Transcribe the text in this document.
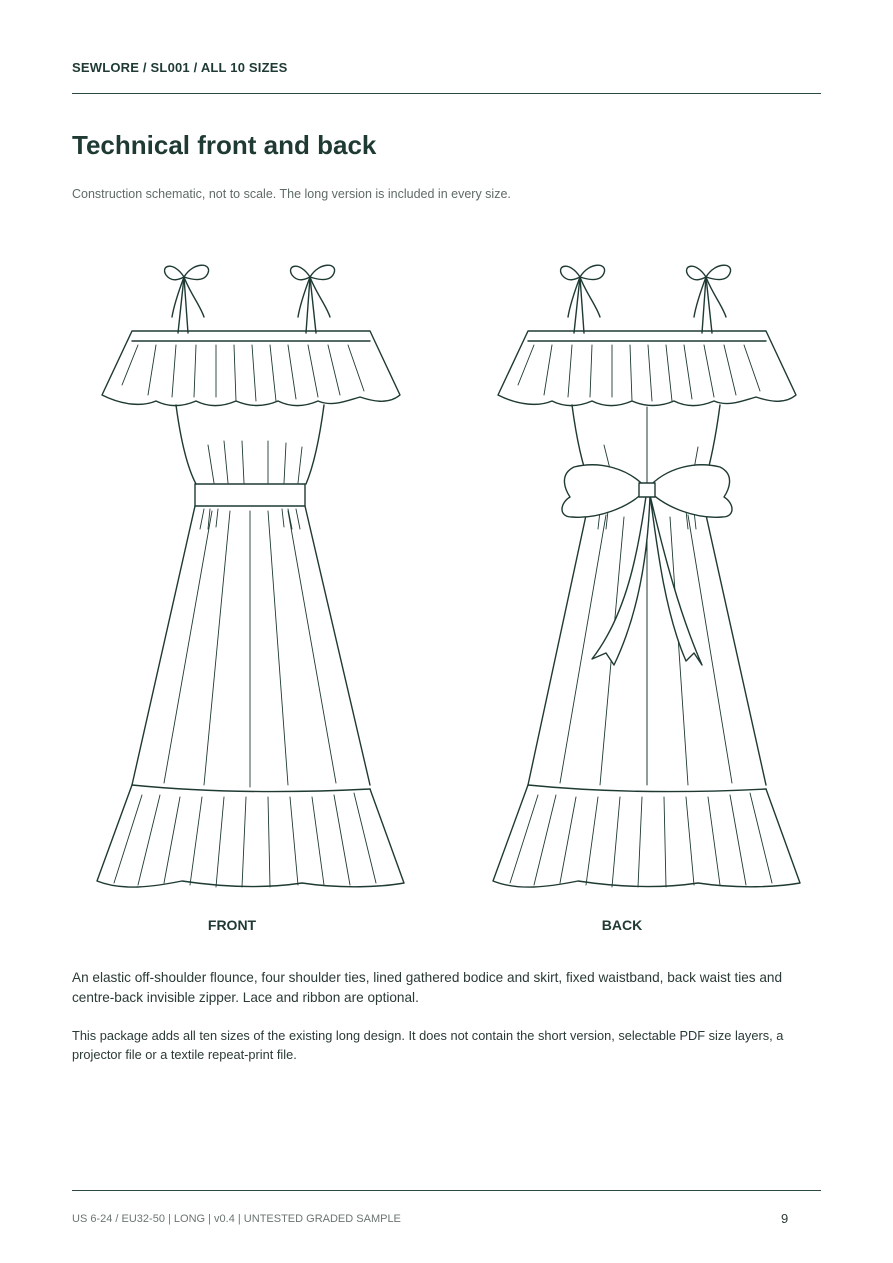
SEWLORE / SL001 / ALL 10 SIZES
Technical front and back
Construction schematic, not to scale. The long version is included in every size.
FRONT	BACK

An elastic off-shoulder flounce, four shoulder ties, lined gathered bodice and skirt, fixed waistband, back waist ties and centre-back invisible zipper. Lace and ribbon are optional.

This package adds all ten sizes of the existing long design. It does not contain the short version, selectable PDF size layers, a projector file or a textile repeat-print file.

US 6-24 / EU32-50 | LONG | v0.4 | UNTESTED GRADED SAMPLE	9
